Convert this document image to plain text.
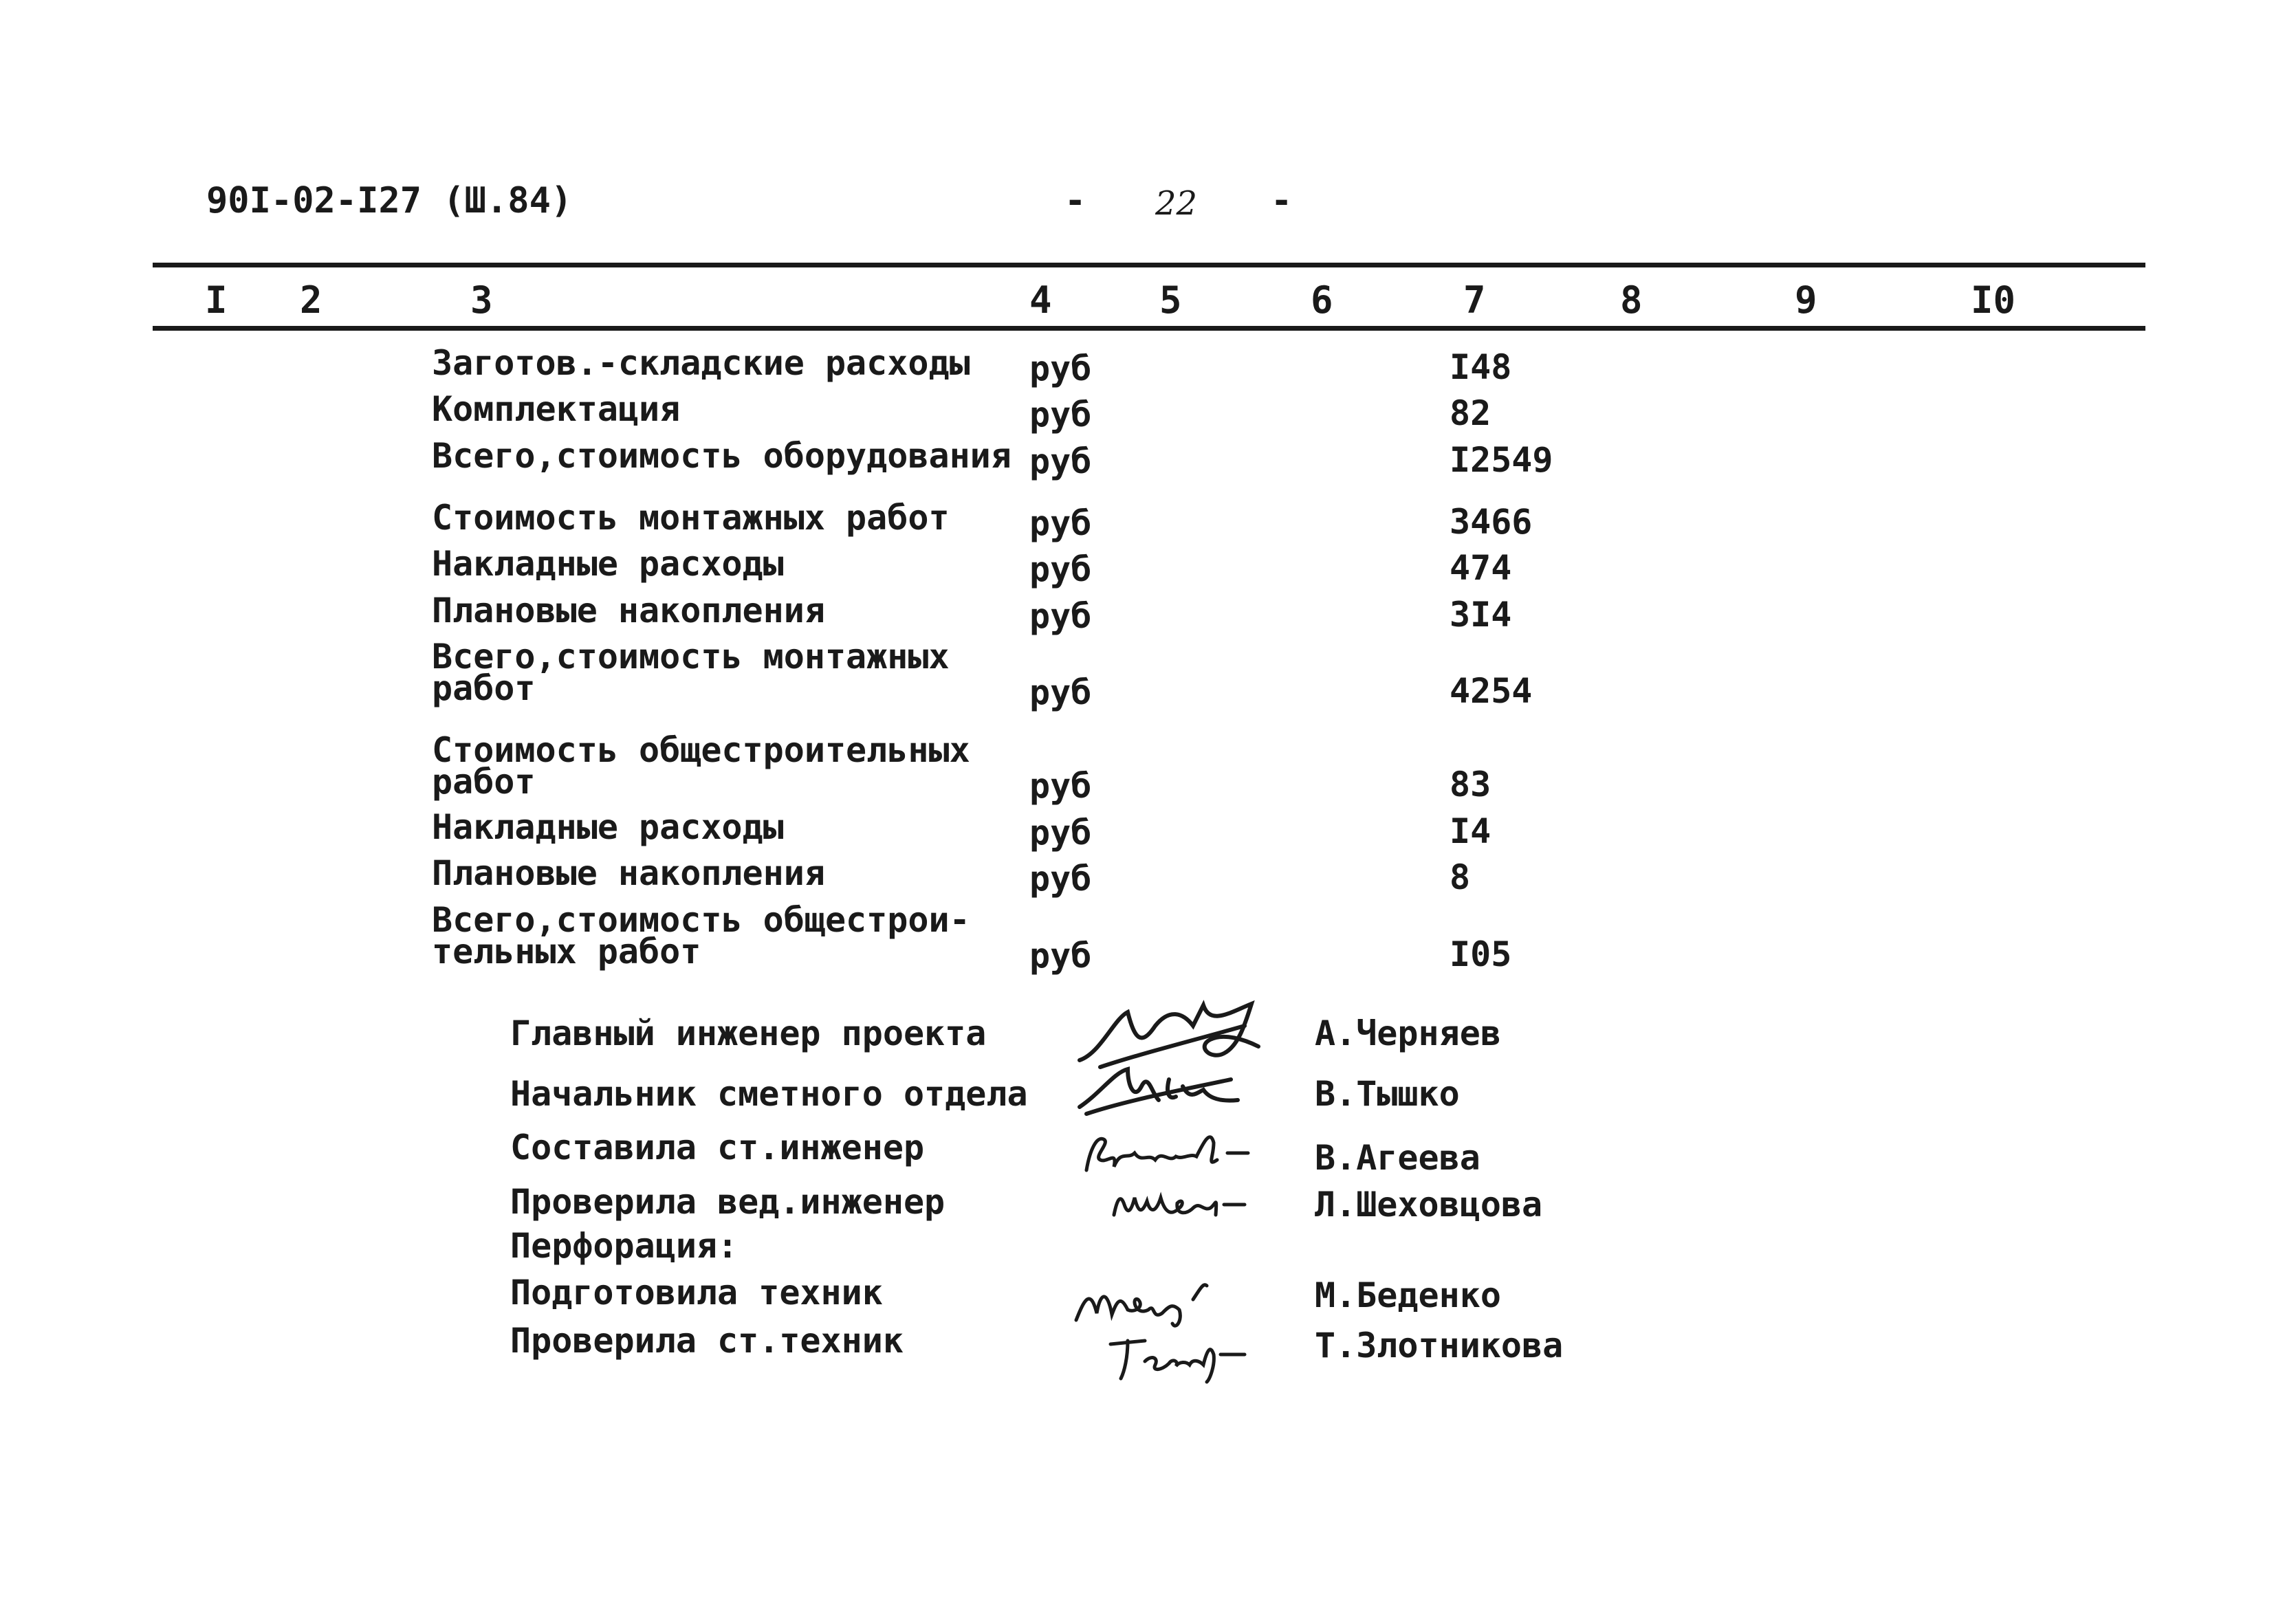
90I-02-I27 (Ш.84)	- 22 -
I 2	3	4	5	6	7	8	9	I0
Заготов.-складские расходы руб	I48
Комплектация	руб	82
Всего,стоимость оборудования руб	I2549
Стоимость монтажных работ руб	3466
Накладные расходы	руб	474
Плановые накопления	руб	3I4
Всего,стоимость монтажных
работ	руб	4254
Стоимость общестроительных
работ	руб	83
Накладные расходы	руб	I4
Плановые накопления	руб	8
Всего,стоимость общестрои-
тельных работ	руб	I05
Главный инженер проекта	А.Черняев
Начальник сметного отдела	В.Тышко
Составила ст.инженер	В.Агеева
Проверила вед.инженер	Л.Шеховцова
Перфорация:
Подготовила техник	М.Беденко
Проверила ст.техник	Т.Злотникова
